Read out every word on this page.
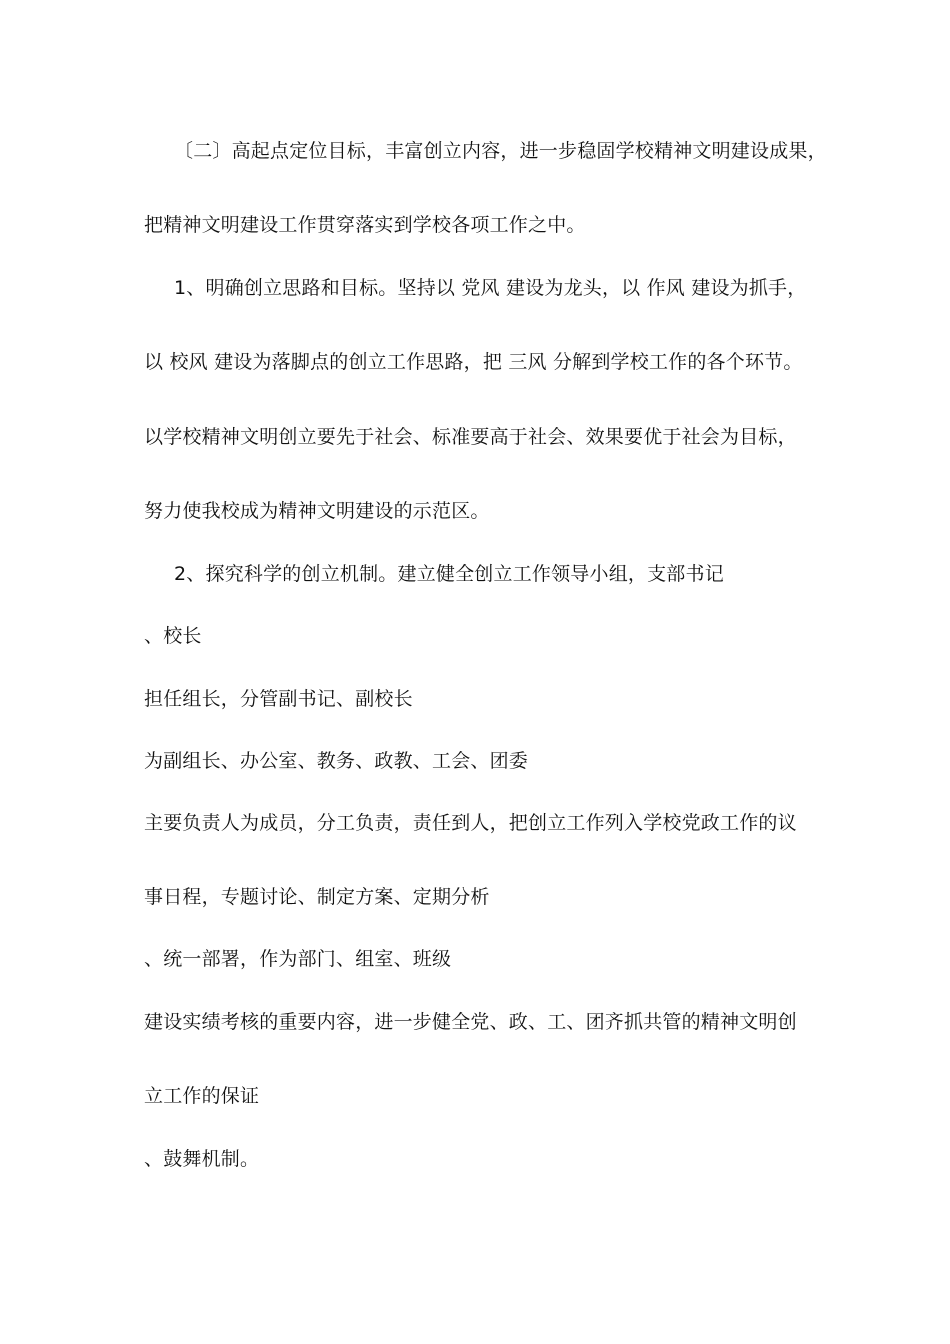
〔二〕高起点定位目标，丰富创立内容，进一步稳固学校精神文明建设成果，
把精神文明建设工作贯穿落实到学校各项工作之中。
1、明确创立思路和目标。坚持以 党风 建设为龙头，以 作风 建设为抓手，
以 校风 建设为落脚点的创立工作思路，把 三风 分解到学校工作的各个环节。
以学校精神文明创立要先于社会、标准要高于社会、效果要优于社会为目标，
努力使我校成为精神文明建设的示范区。
2、探究科学的创立机制。建立健全创立工作领导小组，支部书记
、校长
担任组长，分管副书记、副校长
为副组长、办公室、教务、政教、工会、团委
主要负责人为成员，分工负责，责任到人，把创立工作列入学校党政工作的议
事日程，专题讨论、制定方案、定期分析
、统一部署，作为部门、组室、班级
建设实绩考核的重要内容，进一步健全党、政、工、团齐抓共管的精神文明创
立工作的保证
、鼓舞机制。
